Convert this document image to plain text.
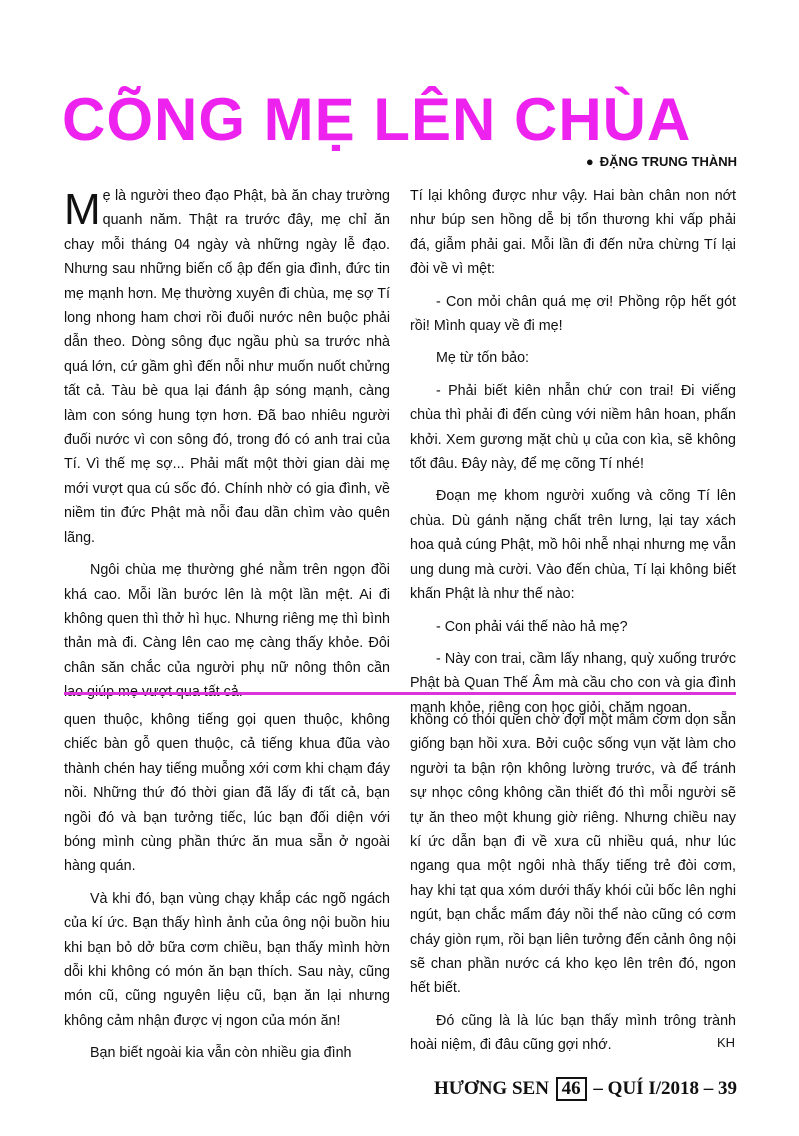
CÕNG MẸ LÊN CHÙA

● ĐẶNG TRUNG THÀNH

Mẹ là người theo đạo Phật, bà ăn chay trường quanh năm. Thật ra trước đây, mẹ chỉ ăn chay mỗi tháng 04 ngày và những ngày lễ đạo. Nhưng sau những biến cố ập đến gia đình, đức tin mẹ mạnh hơn. Mẹ thường xuyên đi chùa, mẹ sợ Tí long nhong ham chơi rồi đuối nước nên buộc phải dẫn theo. Dòng sông đục ngầu phù sa trước nhà quá lớn, cứ gầm ghì đến nỗi như muốn nuốt chửng tất cả. Tàu bè qua lại đánh ập sóng mạnh, càng làm con sóng hung tợn hơn. Đã bao nhiêu người đuối nước vì con sông đó, trong đó có anh trai của Tí. Vì thế mẹ sợ... Phải mất một thời gian dài mẹ mới vượt qua cú sốc đó. Chính nhờ có gia đình, về niềm tin đức Phật mà nỗi đau dần chìm vào quên lãng.

Ngôi chùa mẹ thường ghé nằm trên ngọn đồi khá cao. Mỗi lần bước lên là một lần mệt. Ai đi không quen thì thở hì hục. Nhưng riêng mẹ thì bình thản mà đi. Càng lên cao mẹ càng thấy khỏe. Đôi chân săn chắc của người phụ nữ nông thôn cần

Tí lại không được như vậy. Hai bàn chân non nớt như búp sen hồng dễ bị tổn thương khi vấp phải đá, giẫm phải gai. Mỗi lần đi đến nửa chừng Tí lại đòi về vì mệt:

- Con mỏi chân quá mẹ ơi! Phồng rộp hết gót rồi! Mình quay về đi mẹ!

Mẹ từ tốn bảo:

- Phải biết kiên nhẫn chứ con trai! Đi viếng chùa thì phải đi đến cùng với niềm hân hoan, phấn khởi. Xem gương mặt chù ụ của con kìa, sẽ không tốt đâu. Đây này, để mẹ cõng Tí nhé!

Đoạn mẹ khom người xuống và cõng Tí lên chùa. Dù gánh nặng chất trên lưng, lại tay xách hoa quả cúng Phật, mồ hôi nhễ nhại nhưng mẹ vẫn ung dung mà cười. Vào đến chùa, Tí lại không biết khấn Phật là như thế nào:

- Con phải vái thế nào hả mẹ?

- Này con trai, cầm lấy nhang, quỳ xuống trước Phật bà Quan Thế Âm mà cầu cho con và gia đình mạnh khỏe, riêng con học giỏi, chăm ngoan.

quen thuộc, không tiếng gọi quen thuộc, không chiếc bàn gỗ quen thuộc, cả tiếng khua đũa vào thành chén hay tiếng muỗng xới cơm khi chạm đáy nồi. Những thứ đó thời gian đã lấy đi tất cả, bạn ngồi đó và bạn tưởng tiếc, lúc bạn đối diện với bóng mình cùng phần thức ăn mua sẵn ở ngoài hàng quán.

Và khi đó, bạn vùng chạy khắp các ngõ ngách của kí ức. Bạn thấy hình ảnh của ông nội buồn hiu khi bạn bỏ dở bữa cơm chiều, bạn thấy mình hờn dỗi khi không có món ăn bạn thích. Sau này, cũng món cũ, cũng nguyên liệu cũ, bạn ăn lại nhưng không cảm nhận được vị ngon của món ăn!

Bạn biết ngoài kia vẫn còn nhiều gia đình

không có thói quen chờ đợi một mâm cơm dọn sẵn giống bạn hồi xưa. Bởi cuộc sống vụn vặt làm cho người ta bận rộn không lường trước, và để tránh sự nhọc công không cần thiết đó thì mỗi người sẽ tự ăn theo một khung giờ riêng. Nhưng chiều nay kí ức dẫn bạn đi về xưa cũ nhiều quá, như lúc ngang qua một ngôi nhà thấy tiếng trẻ đòi cơm, hay khi tạt qua xóm dưới thấy khói củi bốc lên nghi ngút, bạn chắc mẩm đáy nồi thể nào cũng có cơm cháy giòn rụm, rồi bạn liên tưởng đến cảnh ông nội sẽ chan phần nước cá kho kẹo lên trên đó, ngon hết biết.

Đó cũng là là lúc bạn thấy mình trông trành hoài niệm, đi đâu cũng gợi nhớ.	KH

HƯƠNG SEN 46 – QUÍ I/2018 – 39
